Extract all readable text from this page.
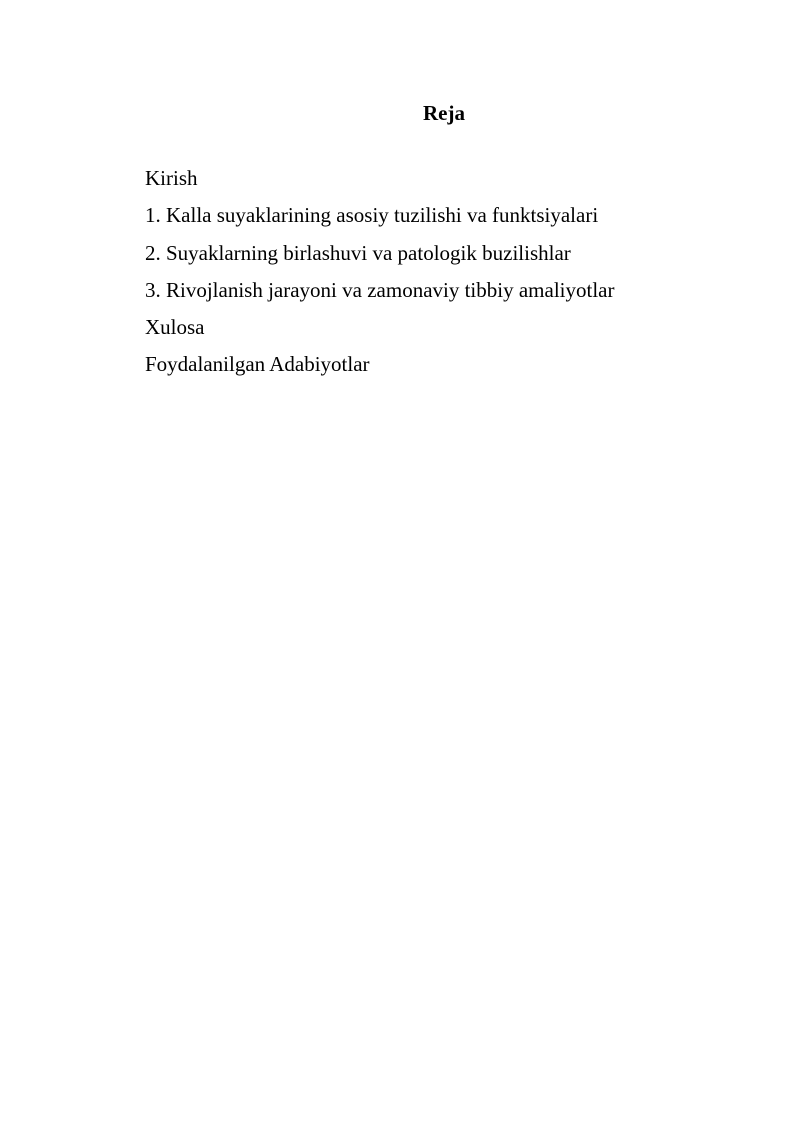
Reja
Kirish
1. Kalla suyaklarining asosiy tuzilishi va funktsiyalari
2. Suyaklarning birlashuvi va patologik buzilishlar
3. Rivojlanish jarayoni va zamonaviy tibbiy amaliyotlar
Xulosa
Foydalanilgan Adabiyotlar
